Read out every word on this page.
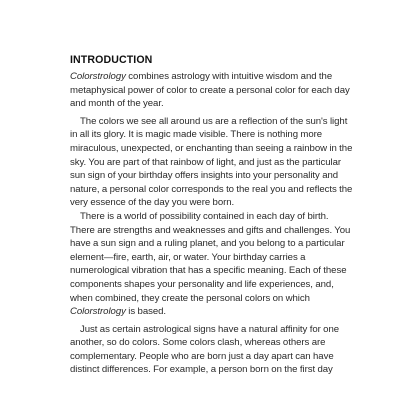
INTRODUCTION

Colorstrology combines astrology with intuitive wisdom and the metaphysical power of color to create a personal color for each day and month of the year.

The colors we see all around us are a reflection of the sun's light in all its glory. It is magic made visible. There is nothing more miraculous, unexpected, or enchanting than seeing a rainbow in the sky. You are part of that rainbow of light, and just as the particular sun sign of your birthday offers insights into your personality and nature, a personal color corresponds to the real you and reflects the very essence of the day you were born.

There is a world of possibility contained in each day of birth. There are strengths and weaknesses and gifts and challenges. You have a sun sign and a ruling planet, and you belong to a particular element—fire, earth, air, or water. Your birthday carries a numerological vibration that has a specific meaning. Each of these components shapes your personality and life experiences, and, when combined, they create the personal colors on which Colorstrology is based.

Just as certain astrological signs have a natural affinity for one another, so do colors. Some colors clash, whereas others are complementary. People who are born just a day apart can have distinct differences. For example, a person born on the first day
